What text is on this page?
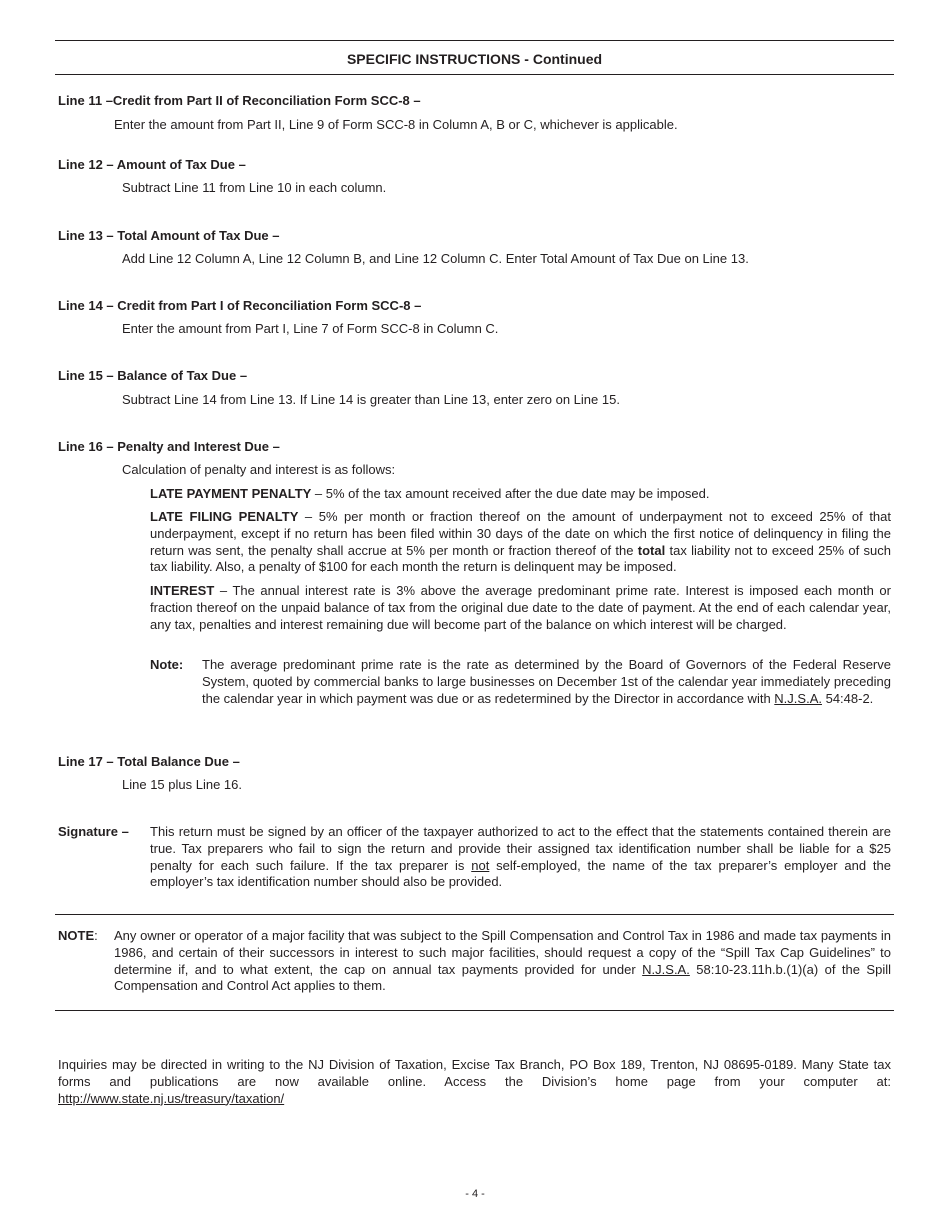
SPECIFIC INSTRUCTIONS - Continued
Line 11 –Credit from Part II of Reconciliation Form SCC-8 –
Enter the amount from Part II, Line 9 of Form SCC-8 in Column A, B or C, whichever is applicable.
Line 12 – Amount of Tax Due –
Subtract Line 11 from Line 10 in each column.
Line 13 – Total Amount of Tax Due –
Add Line 12 Column A, Line 12 Column B, and Line 12 Column C. Enter Total Amount of Tax Due on Line 13.
Line 14 – Credit from Part I of Reconciliation Form SCC-8 –
Enter the amount from Part I, Line 7 of Form SCC-8 in Column C.
Line 15 – Balance of Tax Due –
Subtract Line 14 from Line 13. If Line 14 is greater than Line 13, enter zero on Line 15.
Line 16 – Penalty and Interest Due –
Calculation of penalty and interest is as follows:
LATE PAYMENT PENALTY – 5% of the tax amount received after the due date may be imposed.
LATE FILING PENALTY – 5% per month or fraction thereof on the amount of underpayment not to exceed 25% of that underpayment, except if no return has been filed within 30 days of the date on which the first notice of delinquency in filing the return was sent, the penalty shall accrue at 5% per month or fraction thereof of the total tax liability not to exceed 25% of such tax liability. Also, a penalty of $100 for each month the return is delinquent may be imposed.
INTEREST – The annual interest rate is 3% above the average predominant prime rate. Interest is imposed each month or fraction thereof on the unpaid balance of tax from the original due date to the date of payment. At the end of each calendar year, any tax, penalties and interest remaining due will become part of the balance on which interest will be charged.
Note: The average predominant prime rate is the rate as determined by the Board of Governors of the Federal Reserve System, quoted by commercial banks to large businesses on December 1st of the calendar year immediately preceding the calendar year in which payment was due or as redetermined by the Director in accordance with N.J.S.A. 54:48-2.
Line 17 – Total Balance Due –
Line 15 plus Line 16.
Signature – This return must be signed by an officer of the taxpayer authorized to act to the effect that the statements contained therein are true. Tax preparers who fail to sign the return and provide their assigned tax identification number shall be liable for a $25 penalty for each such failure. If the tax preparer is not self-employed, the name of the tax preparer’s employer and the employer’s tax identification number should also be provided.
NOTE: Any owner or operator of a major facility that was subject to the Spill Compensation and Control Tax in 1986 and made tax payments in 1986, and certain of their successors in interest to such major facilities, should request a copy of the “Spill Tax Cap Guidelines” to determine if, and to what extent, the cap on annual tax payments provided for under N.J.S.A. 58:10-23.11h.b.(1)(a) of the Spill Compensation and Control Act applies to them.
Inquiries may be directed in writing to the NJ Division of Taxation, Excise Tax Branch, PO Box 189, Trenton, NJ 08695-0189. Many State tax forms and publications are now available online. Access the Division’s home page from your computer at: http://www.state.nj.us/treasury/taxation/
- 4 -
